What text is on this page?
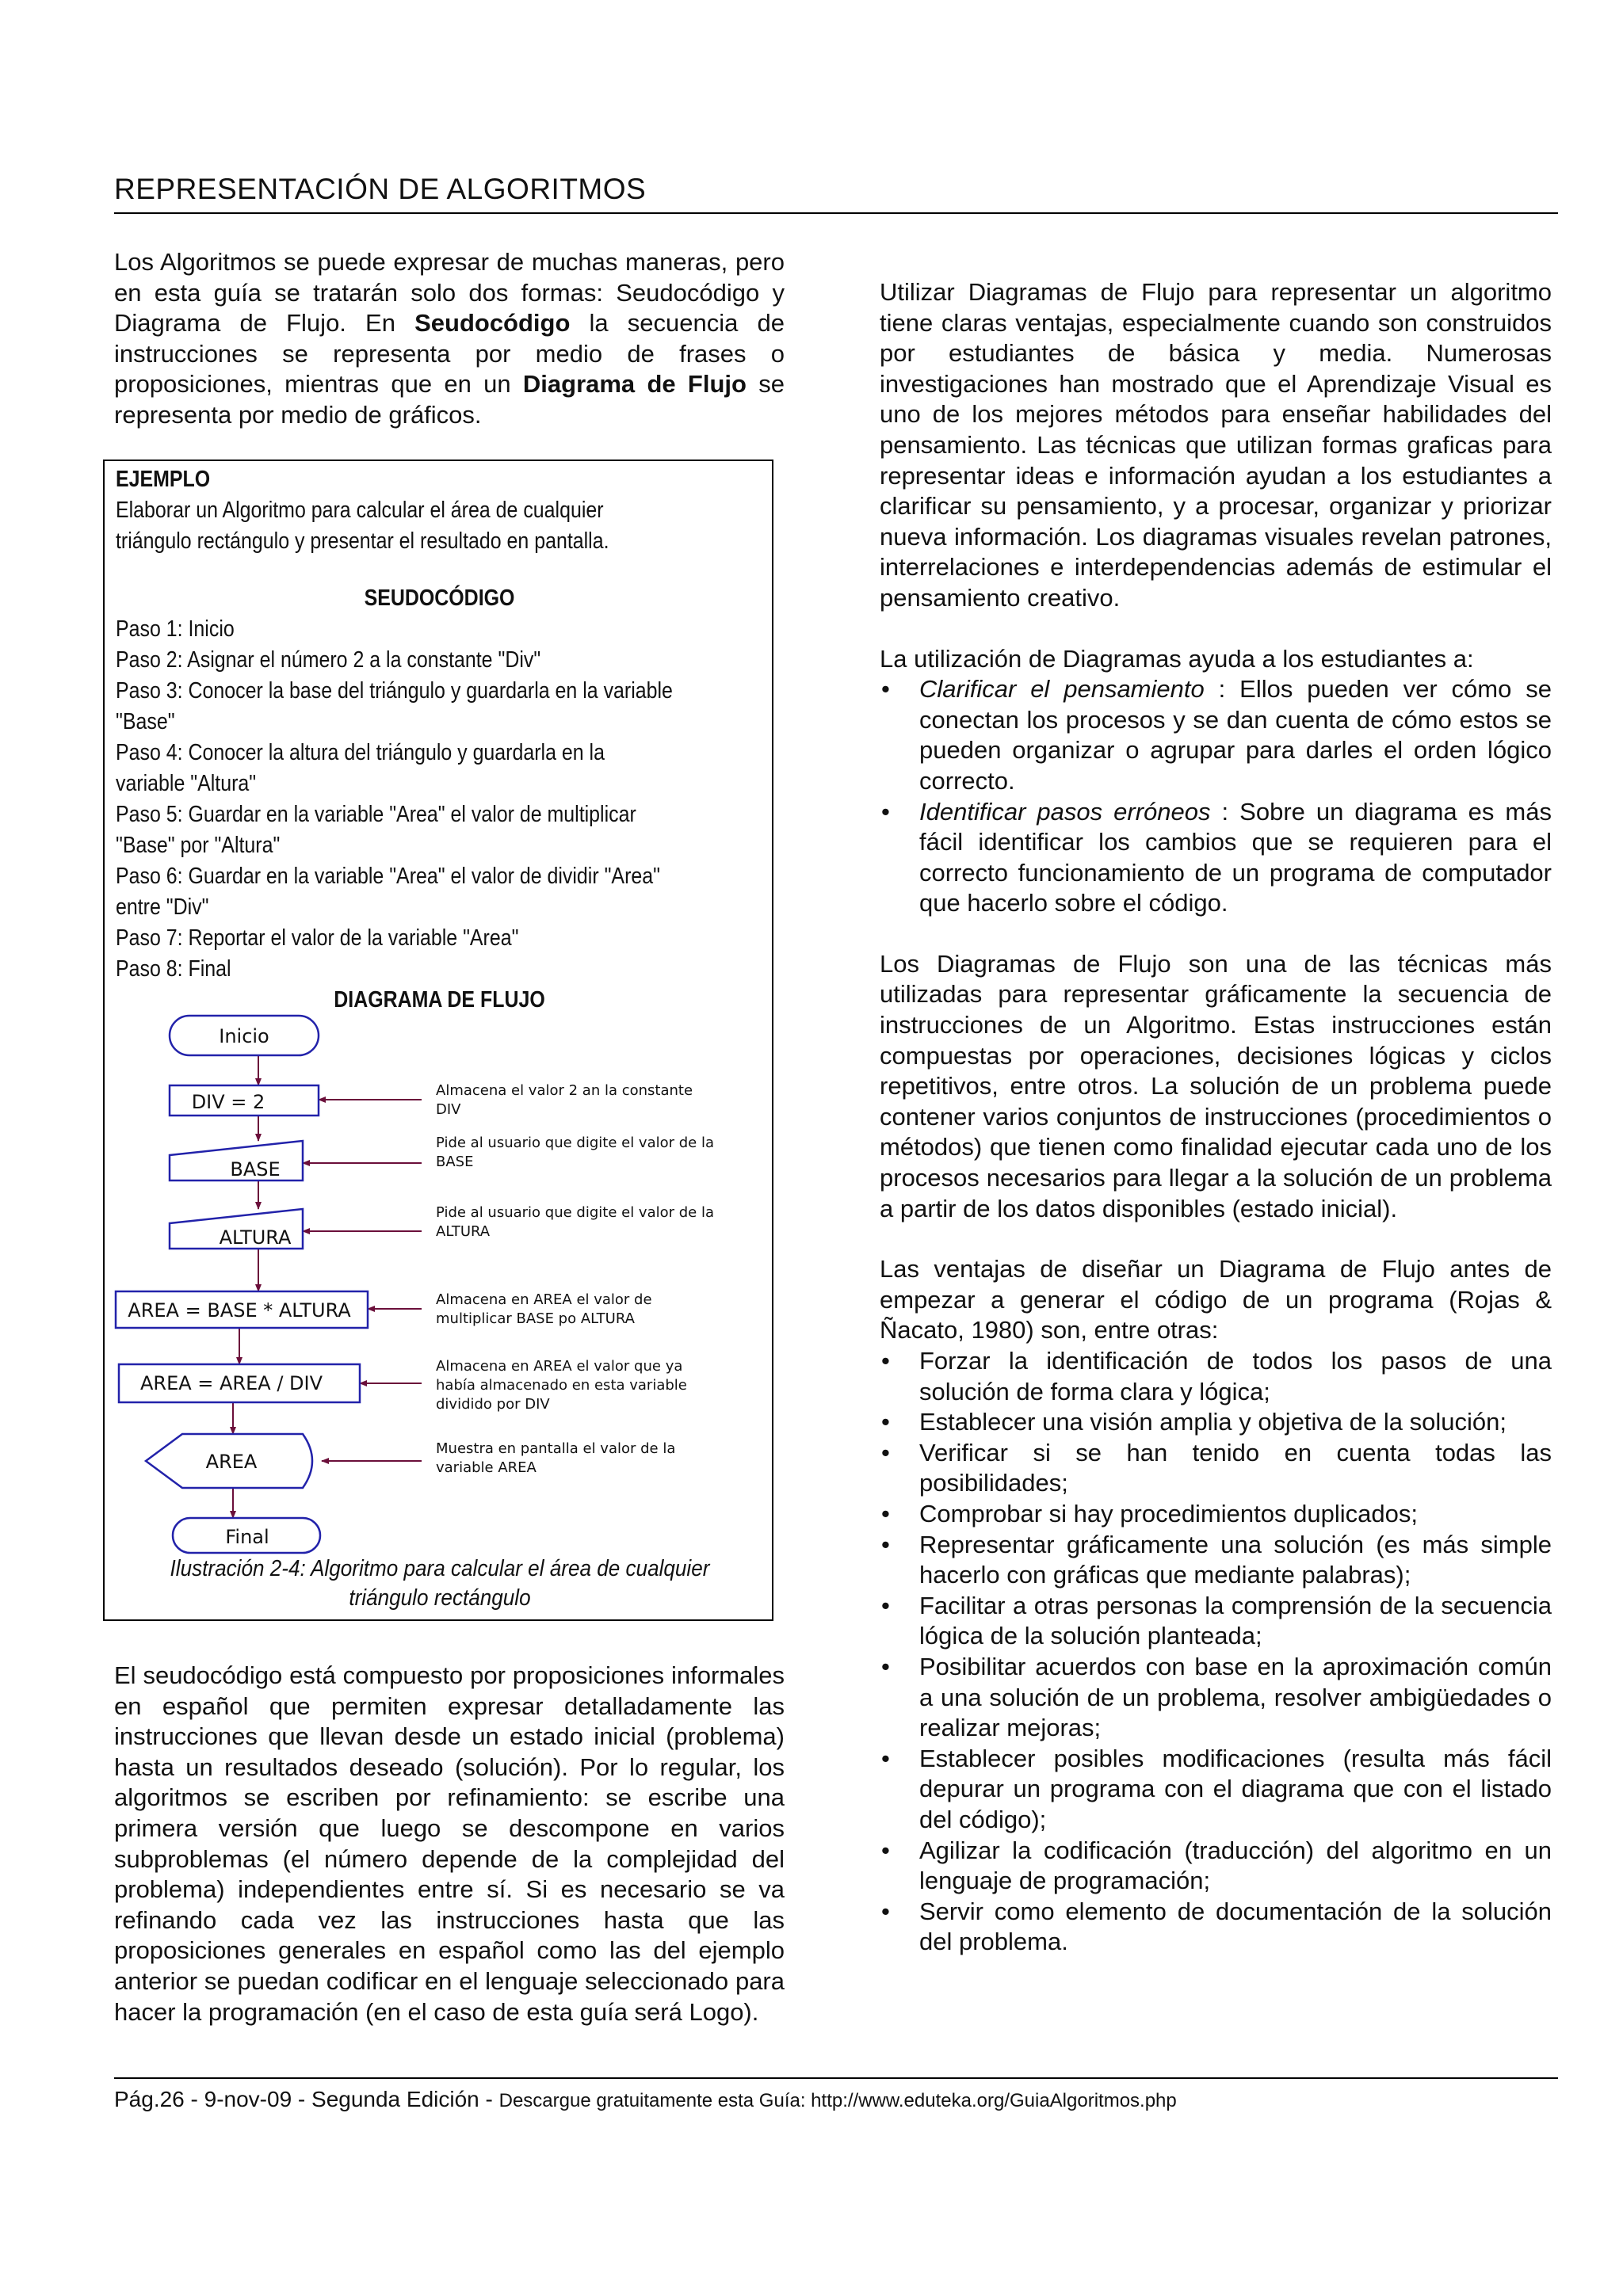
REPRESENTACIÓN DE ALGORITMOS

Los Algoritmos se puede expresar de muchas maneras, pero en esta guía se tratarán solo dos formas: Seudocódigo y Diagrama de Flujo. En Seudocódigo la secuencia de instrucciones se representa por medio de frases o proposiciones, mientras que en un Diagrama de Flujo se representa por medio de gráficos.

EJEMPLO

Elaborar un Algoritmo para calcular el área de cualquier triángulo rectángulo y presentar el resultado en pantalla.

SEUDOCÓDIGO

Paso 1: Inicio

Paso 2: Asignar el número 2 a la constante "Div"

Paso 3: Conocer la base del triángulo y guardarla en la variable "Base"

Paso 4: Conocer la altura del triángulo y guardarla en la variable "Altura"

Paso 5: Guardar en la variable "Area" el valor de multiplicar "Base" por "Altura"

Paso 6: Guardar en la variable "Area" el valor de dividir "Area" entre "Div"

Paso 7: Reportar el valor de la variable "Area"

Paso 8: Final

DIAGRAMA DE FLUJO

Inicio
DIV = 2
BASE
ALTURA
AREA = BASE * ALTURA
AREA = AREA / DIV
AREA
Final
Almacena el valor 2 an la constante
DIV
Pide al usuario que digite el valor de la
BASE
Pide al usuario que digite el valor de la
ALTURA
Almacena en AREA el valor de
multiplicar BASE po ALTURA
Almacena en AREA el valor que ya
había almacenado en esta variable
dividido por DIV
Muestra en pantalla el valor de la
variable AREA
Ilustración 2-4: Algoritmo para calcular el área de cualquier triángulo rectángulo

El seudocódigo está compuesto por proposiciones informales en español que permiten expresar detalladamente las instrucciones que llevan desde un estado inicial (problema) hasta un resultados deseado (solución). Por lo regular, los algoritmos se escriben por refinamiento: se escribe una primera versión que luego se descompone en varios subproblemas (el número depende de la complejidad del problema) independientes entre sí. Si es necesario se va refinando cada vez las instrucciones hasta que las proposiciones generales en español como las del ejemplo anterior se puedan codificar en el lenguaje seleccionado para hacer la programación (en el caso de esta guía será Logo).

Utilizar Diagramas de Flujo para representar un algoritmo tiene claras ventajas, especialmente cuando son construidos por estudiantes de básica y media. Numerosas investigaciones han mostrado que el Aprendizaje Visual es uno de los mejores métodos para enseñar habilidades del pensamiento. Las técnicas que utilizan formas graficas para representar ideas e información ayudan a los estudiantes a clarificar su pensamiento, y a procesar, organizar y priorizar nueva información. Los diagramas visuales revelan patrones, interrelaciones e interdependencias además de estimular el pensamiento creativo.

La utilización de Diagramas ayuda a los estudiantes a:

• Clarificar el pensamiento : Ellos pueden ver cómo se conectan los procesos y se dan cuenta de cómo estos se pueden organizar o agrupar para darles el orden lógico correcto.
• Identificar pasos erróneos : Sobre un diagrama es más fácil identificar los cambios que se requieren para el correcto funcionamiento de un programa de computador que hacerlo sobre el código.

Los Diagramas de Flujo son una de las técnicas más utilizadas para representar gráficamente la secuencia de instrucciones de un Algoritmo. Estas instrucciones están compuestas por operaciones, decisiones lógicas y ciclos repetitivos, entre otros. La solución de un problema puede contener varios conjuntos de instrucciones (procedimientos o métodos) que tienen como finalidad ejecutar cada uno de los procesos necesarios para llegar a la solución de un problema a partir de los datos disponibles (estado inicial).

Las ventajas de diseñar un Diagrama de Flujo antes de empezar a generar el código de un programa (Rojas & Ñacato, 1980) son, entre otras:

• Forzar la identificación de todos los pasos de una solución de forma clara y lógica;
• Establecer una visión amplia y objetiva de la solución;
• Verificar si se han tenido en cuenta todas las posibilidades;
• Comprobar si hay procedimientos duplicados;
• Representar gráficamente una solución (es más simple hacerlo con gráficas que mediante palabras);
• Facilitar a otras personas la comprensión de la secuencia lógica de la solución planteada;
• Posibilitar acuerdos con base en la aproximación común a una solución de un problema, resolver ambigüedades o realizar mejoras;
• Establecer posibles modificaciones (resulta más fácil depurar un programa con el diagrama que con el listado del código);
• Agilizar la codificación (traducción) del algoritmo en un lenguaje de programación;
• Servir como elemento de documentación de la solución del problema.
Pág.26 - 9-nov-09 - Segunda Edición - Descargue gratuitamente esta Guía: http://www.eduteka.org/GuiaAlgoritmos.php
